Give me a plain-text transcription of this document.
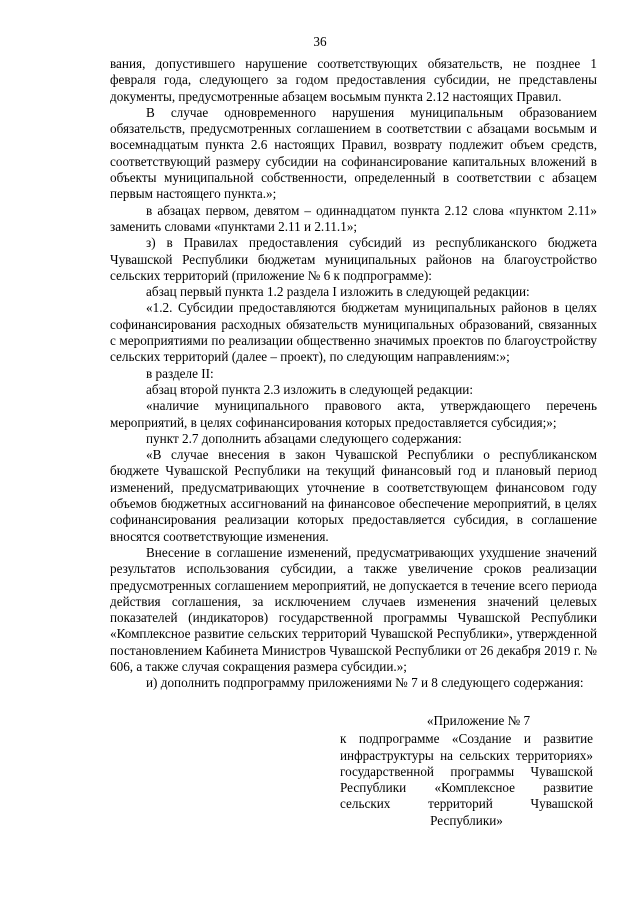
36

вания, допустившего нарушение соответствующих обязательств, не позднее 1 февраля года, следующего за годом предоставления субсидии, не представлены документы, предусмотренные абзацем восьмым пункта 2.12 настоящих Правил.

В случае одновременного нарушения муниципальным образованием обязательств, предусмотренных соглашением в соответствии с абзацами восьмым и восемнадцатым пункта 2.6 настоящих Правил, возврату подлежит объем средств, соответствующий размеру субсидии на софинансирование капитальных вложений в объекты муниципальной собственности, определенный в соответствии с абзацем первым настоящего пункта.»;

в абзацах первом, девятом – одиннадцатом пункта 2.12 слова «пунктом 2.11» заменить словами «пунктами 2.11 и 2.11.1»;

з) в Правилах предоставления субсидий из республиканского бюджета Чувашской Республики бюджетам муниципальных районов на благоустройство сельских территорий (приложение № 6 к подпрограмме):

абзац первый пункта 1.2 раздела I изложить в следующей редакции:

«1.2. Субсидии предоставляются бюджетам муниципальных районов в целях софинансирования расходных обязательств муниципальных образований, связанных с мероприятиями по реализации общественно значимых проектов по благоустройству сельских территорий (далее – проект), по следующим направлениям:»;

в разделе II:

абзац второй пункта 2.3 изложить в следующей редакции:

«наличие муниципального правового акта, утверждающего перечень мероприятий, в целях софинансирования которых предоставляется субсидия;»;

пункт 2.7 дополнить абзацами следующего содержания:

«В случае внесения в закон Чувашской Республики о республиканском бюджете Чувашской Республики на текущий финансовый год и плановый период изменений, предусматривающих уточнение в соответствующем финансовом году объемов бюджетных ассигнований на финансовое обеспечение мероприятий, в целях софинансирования реализации которых предоставляется субсидия, в соглашение вносятся соответствующие изменения.

Внесение в соглашение изменений, предусматривающих ухудшение значений результатов использования субсидии, а также увеличение сроков реализации предусмотренных соглашением мероприятий, не допускается в течение всего периода действия соглашения, за исключением случаев изменения значений целевых показателей (индикаторов) государственной программы Чувашской Республики «Комплексное развитие сельских территорий Чувашской Республики», утвержденной постановлением Кабинета Министров Чувашской Республики от 26 декабря 2019 г. № 606, а также случая сокращения размера субсидии.»;

и) дополнить подпрограмму приложениями № 7 и 8 следующего содержания:

«Приложение № 7

к подпрограмме «Создание и развитие инфраструктуры на сельских территориях» государственной программы Чувашской Республики «Комплексное развитие сельских территорий Чувашской Республики»
